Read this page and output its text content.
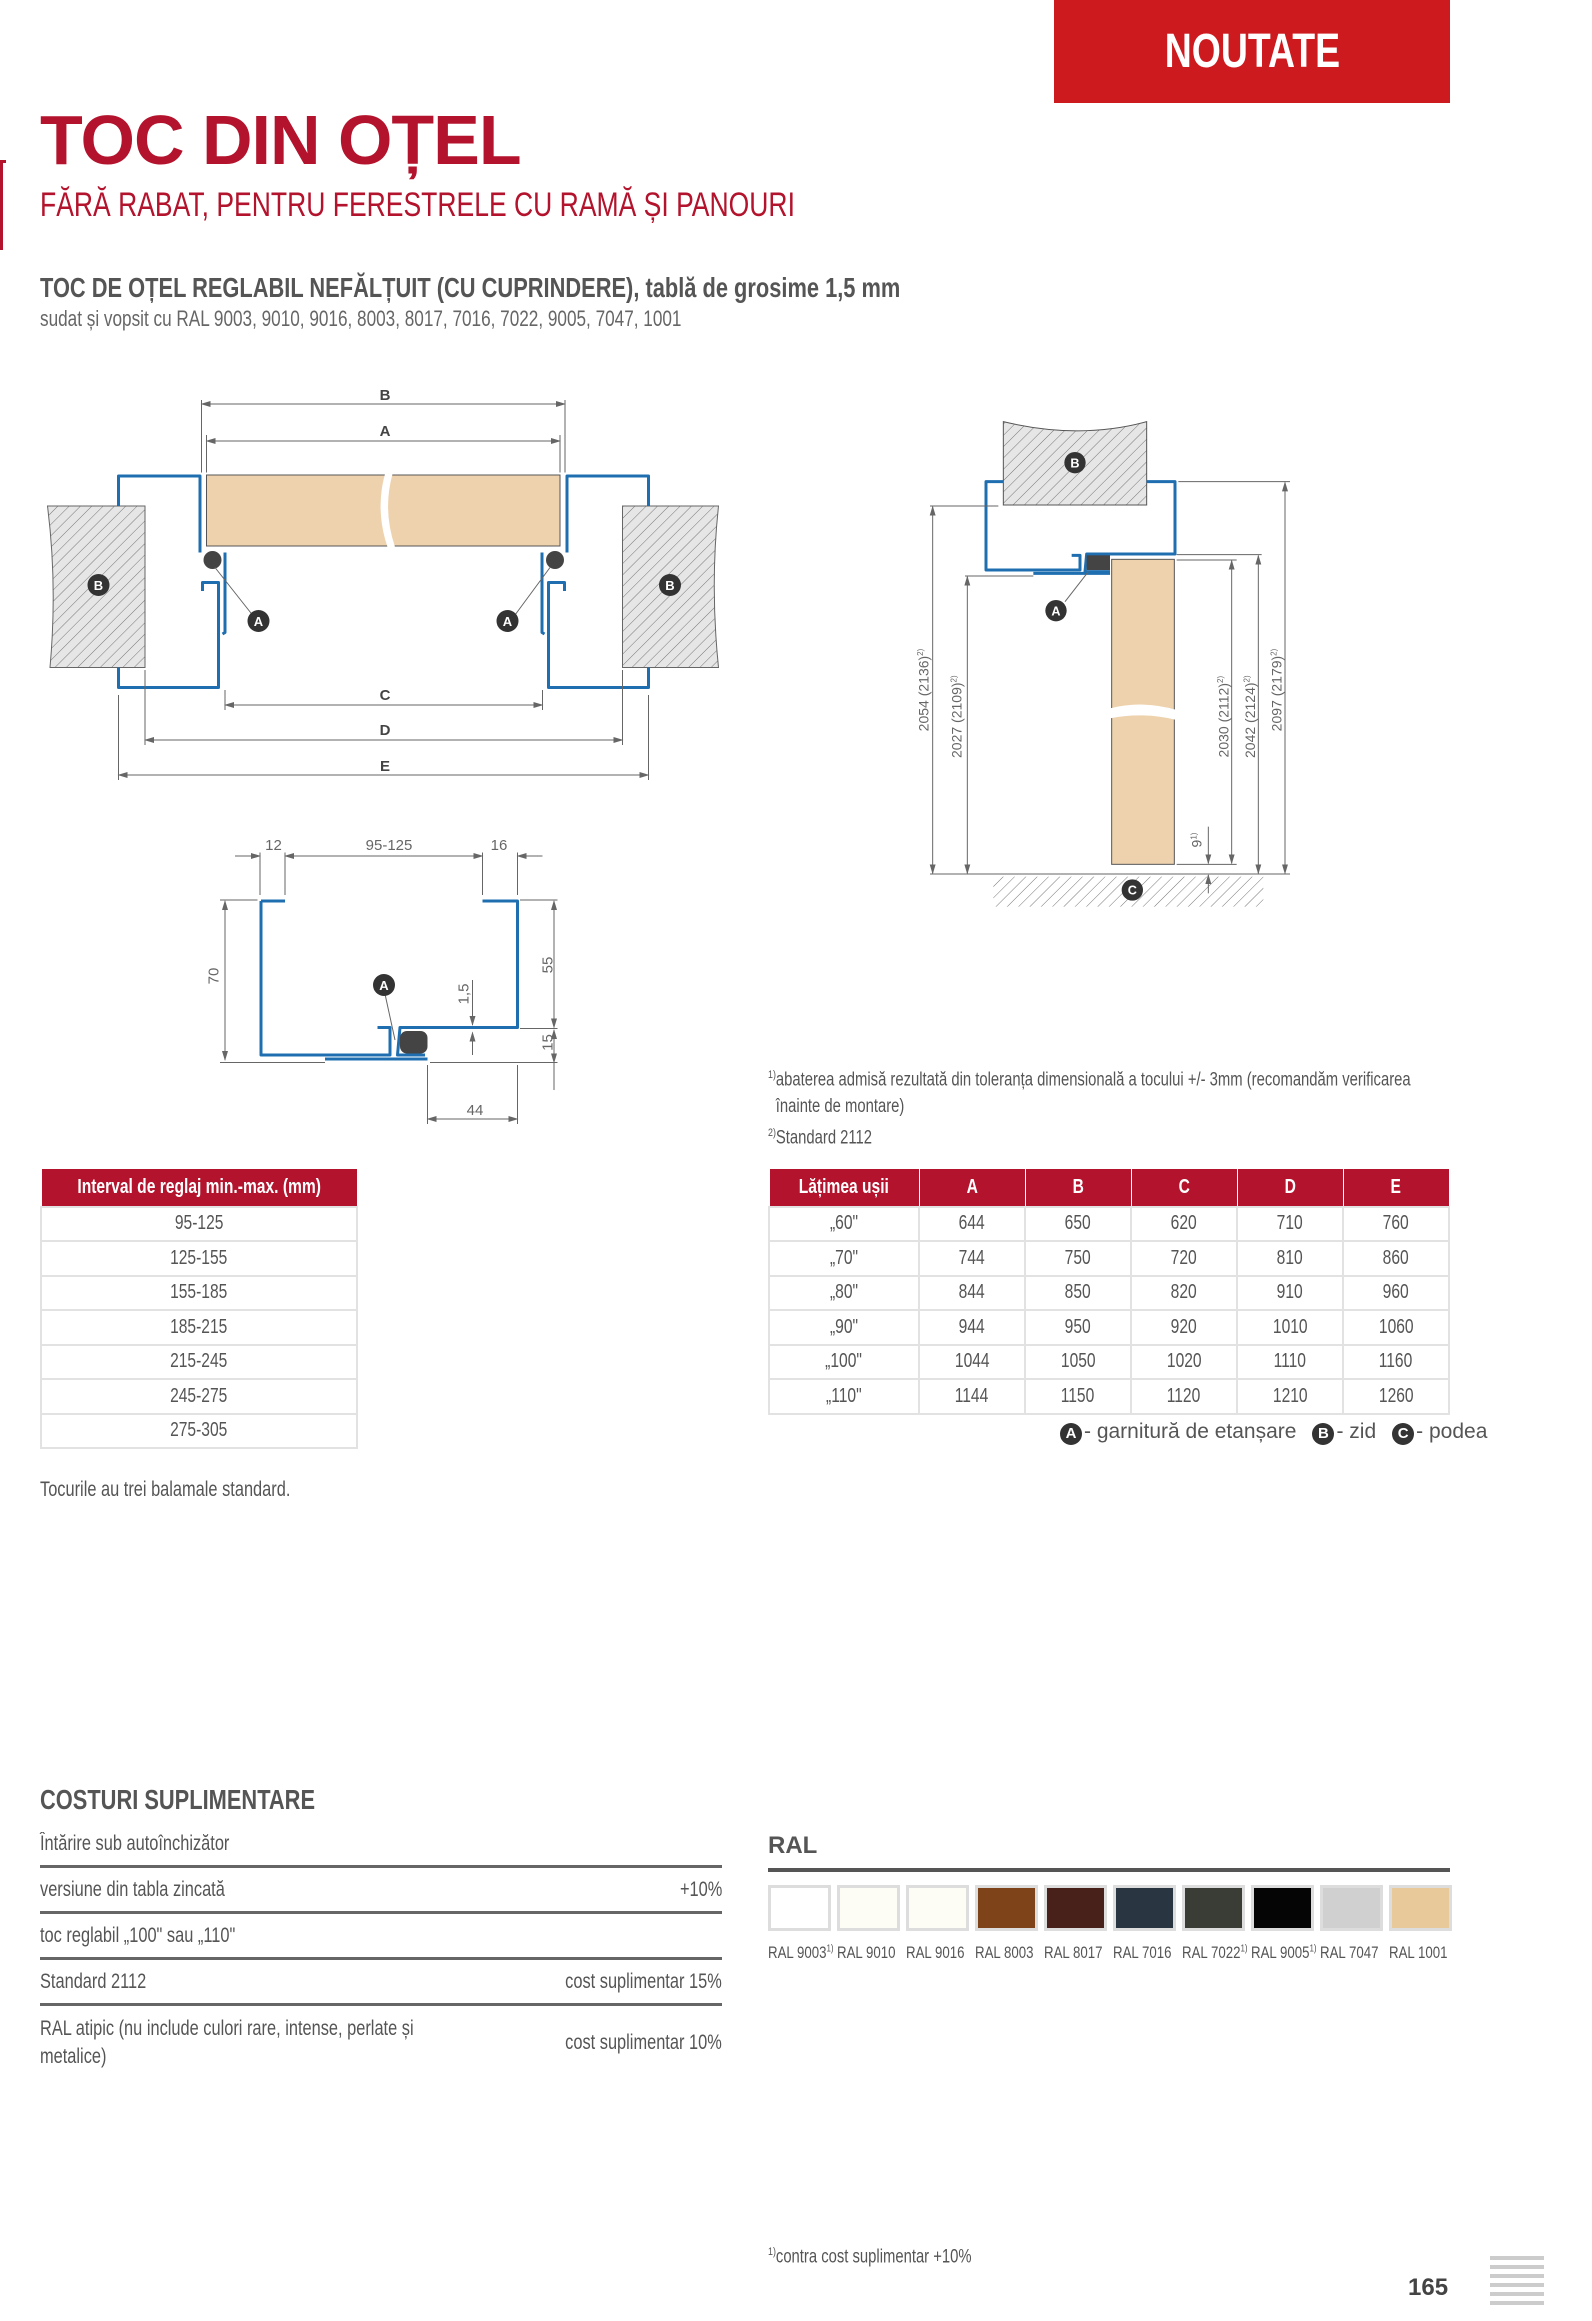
NOUTATE
TOC DIN OȚEL
FĂRĂ RABAT, PENTRU FERESTRELE CU RAMĂ ȘI PANOURI
TOC DE OȚEL REGLABIL NEFĂLȚUIT (CU CUPRINDERE), tablă de grosime 1,5 mm
sudat și vopsit cu RAL 9003, 9010, 9016, 8003, 8017, 7016, 7022, 9005, 7047, 1001
B
A
C
D
E
B	B
A	A
A
12	95-125	16
70
55
15
1,5
44
2054 $(2136)^{2)}$
2027 $(2109)^{2)}$
2030 $(2112)^{2)}$
2042 $(2124)^{2)}$ 2097 $(2179)^{2)}$
9$^{1)}$
B
A
C
$^{1)}$abaterea admisă rezultată din toleranța dimensională a tocului +/- 3mm (recomandăm verificarea
înainte de montare)
$^{2)}$Standard 2112
Interval de reglaj min.-max. (mm)
95-125
125-155
155-185
185-215
215-245
245-275
275-305
Lățimea ușii	A	B	C	D	E
„60"	644	650	620	710	760
„70"	744	750	720	810	860
„80"	844	850	820	910	960
„90"	944	950	920	1010	1060
„100"	1044	1050	1020	1110	1160
„110"	1144	1150	1120	1210	1260
A - garnitură de etanșare	B - zid	C - podea
Tocurile au trei balamale standard.
COSTURI SUPLIMENTARE
Întărire sub autoînchizător
versiune din tabla zincată	+10%
toc reglabil „100" sau „110"
Standard 2112	cost suplimentar 15%
RAL atipic (nu include culori rare, intense, perlate și metalice)
cost suplimentar 10%
RAL
RAL 9003$^{1)}$ RAL 9010 RAL 9016 RAL 8003 RAL 8017 RAL 7016 RAL 7022$^{1)}$ RAL 9005$^{1)}$ RAL 7047 RAL 1001
$^{1)}$contra cost suplimentar +10%
165
